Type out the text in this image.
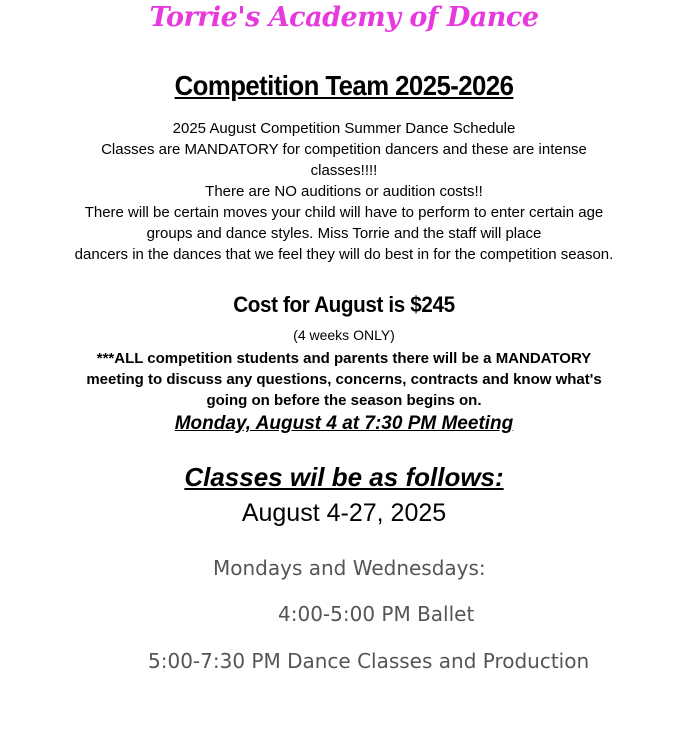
Torrie's Academy of Dance
Competition Team 2025-2026
2025 August Competition Summer Dance Schedule
Classes are MANDATORY for competition dancers and these are intense
classes!!!!
There are NO auditions or audition costs!!
There will be certain moves your child will have to perform to enter certain age
groups and dance styles. Miss Torrie and the staff will place
dancers in the dances that we feel they will do best in for the competition season.
Cost for August is $245
(4 weeks ONLY)
***ALL competition students and parents there will be a MANDATORY
meeting to discuss any questions, concerns, contracts and know what's
going on before the season begins on.
Monday, August 4 at 7:30 PM Meeting
Classes wil be as follows:
August 4-27, 2025
Mondays and Wednesdays:
4:00-5:00 PM Ballet
5:00-7:30 PM Dance Classes and Production
